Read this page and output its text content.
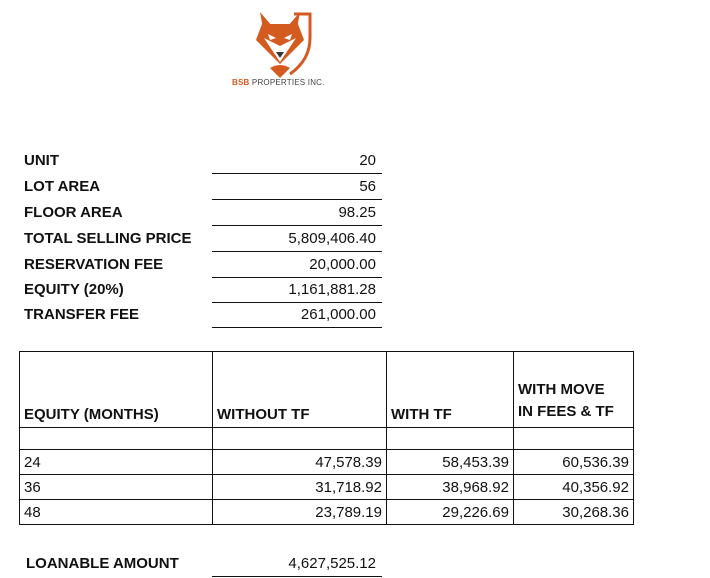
BSB PROPERTIES INC.
UNIT	20
LOT AREA	56
FLOOR AREA	98.25
TOTAL SELLING PRICE	5,809,406.40
RESERVATION FEE	20,000.00
EQUITY (20%)	1,161,881.28
TRANSFER FEE	261,000.00
EQUITY (MONTHS)	WITHOUT TF	WITH TF	WITH MOVE
IN FEES & TF

24	47,578.39	58,453.39	60,536.39
36	31,718.92	38,968.92	40,356.92
48	23,789.19	29,226.69	30,268.36
LOANABLE AMOUNT	4,627,525.12
